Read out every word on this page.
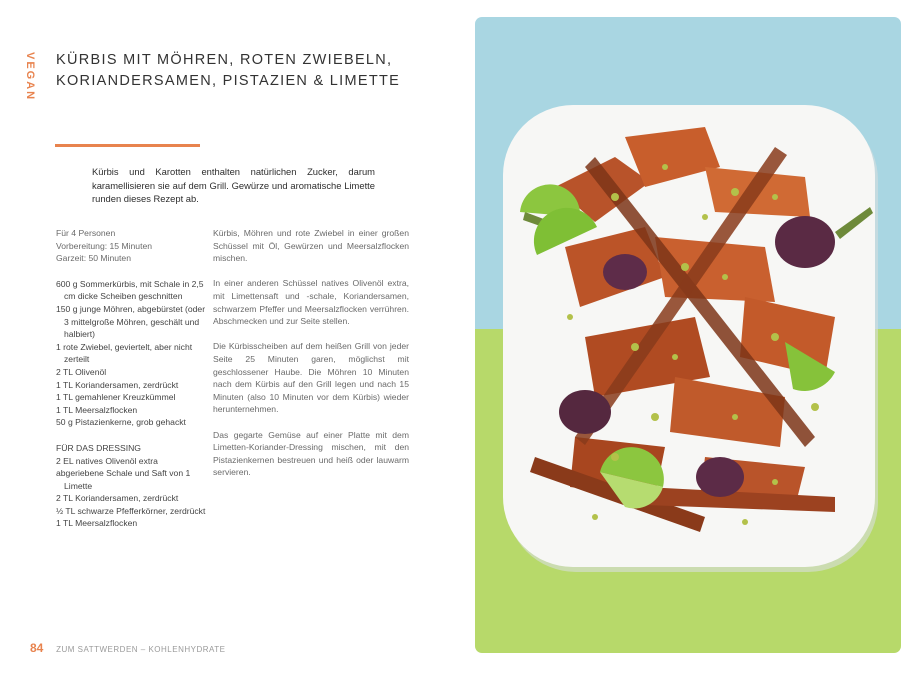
VEGAN KÜRBIS MIT MÖHREN, ROTEN ZWIEBELN,
KORIANDERSAMEN, PISTAZIEN & LIMETTE
Kürbis und Karotten enthalten natürlichen Zucker, darum karamellisieren sie auf dem Grill. Gewürze und aromatische Limette runden dieses Rezept ab.
Für 4 Personen
Vorbereitung: 15 Minuten
Garzeit: 50 Minuten
600 g Sommerkürbis, mit Schale in 2,5 cm dicke Scheiben geschnitten
150 g junge Möhren, abgebürstet (oder 3 mittelgroße Möhren, geschält und halbiert)
1 rote Zwiebel, geviertelt, aber nicht zerteilt
2 TL Olivenöl
1 TL Koriandersamen, zerdrückt
1 TL gemahlener Kreuzkümmel
1 TL Meersalzflocken
50 g Pistazienkerne, grob gehackt
FÜR DAS DRESSING
2 EL natives Olivenöl extra
abgeriebene Schale und Saft von 1 Limette
2 TL Koriandersamen, zerdrückt
½ TL schwarze Pfefferkörner, zerdrückt
1 TL Meersalzflocken

Kürbis, Möhren und rote Zwiebel in einer großen Schüssel mit Öl, Gewürzen und Meersalzflocken mischen.

In einer anderen Schüssel natives Olivenöl extra, mit Limettensaft und -schale, Koriandersamen, schwarzem Pfeffer und Meersalzflocken verrühren. Abschmecken und zur Seite stellen.

Die Kürbisscheiben auf dem heißen Grill von jeder Seite 25 Minuten garen, möglichst mit geschlossener Haube. Die Möhren 10 Minuten nach dem Kürbis auf den Grill legen und nach 15 Minuten (also 10 Minuten vor dem Kürbis) wieder herunternehmen.

Das gegarte Gemüse auf einer Platte mit dem Limetten-Koriander-Dressing mischen, mit den Pistazienkernen bestreuen und heiß oder lauwarm servieren.

84 ZUM SATTWERDEN – KOHLENHYDRATE
